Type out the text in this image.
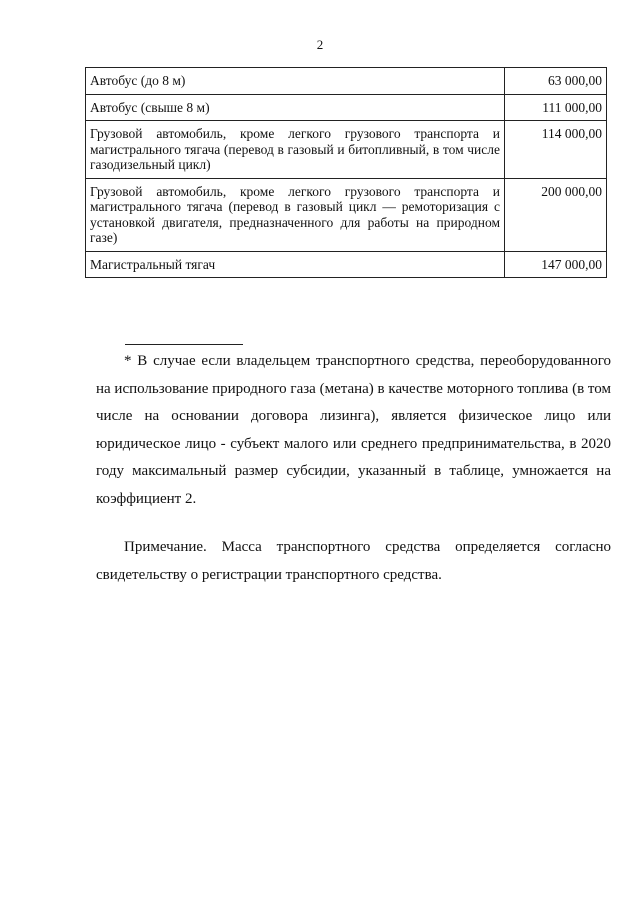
2
Автобус (до 8 м)	63 000,00
Автобус (свыше 8 м)	111 000,00
Грузовой автомобиль, кроме легкого грузового транспорта и магистрального тягача (перевод в газовый и битопливный, в том числе газодизельный цикл)	114 000,00
Грузовой автомобиль, кроме легкого грузового транспорта и магистрального тягача (перевод в газовый цикл — ремоторизация с установкой двигателя, предназначенного для работы на природном газе)	200 000,00
Магистральный тягач	147 000,00

* В случае если владельцем транспортного средства, переоборудованного на использование природного газа (метана) в качестве моторного топлива (в том числе на основании договора лизинга), является физическое лицо или юридическое лицо - субъект малого или среднего предпринимательства, в 2020 году максимальный размер субсидии, указанный в таблице, умножается на коэффициент 2.

Примечание. Масса транспортного средства определяется согласно свидетельству о регистрации транспортного средства.
